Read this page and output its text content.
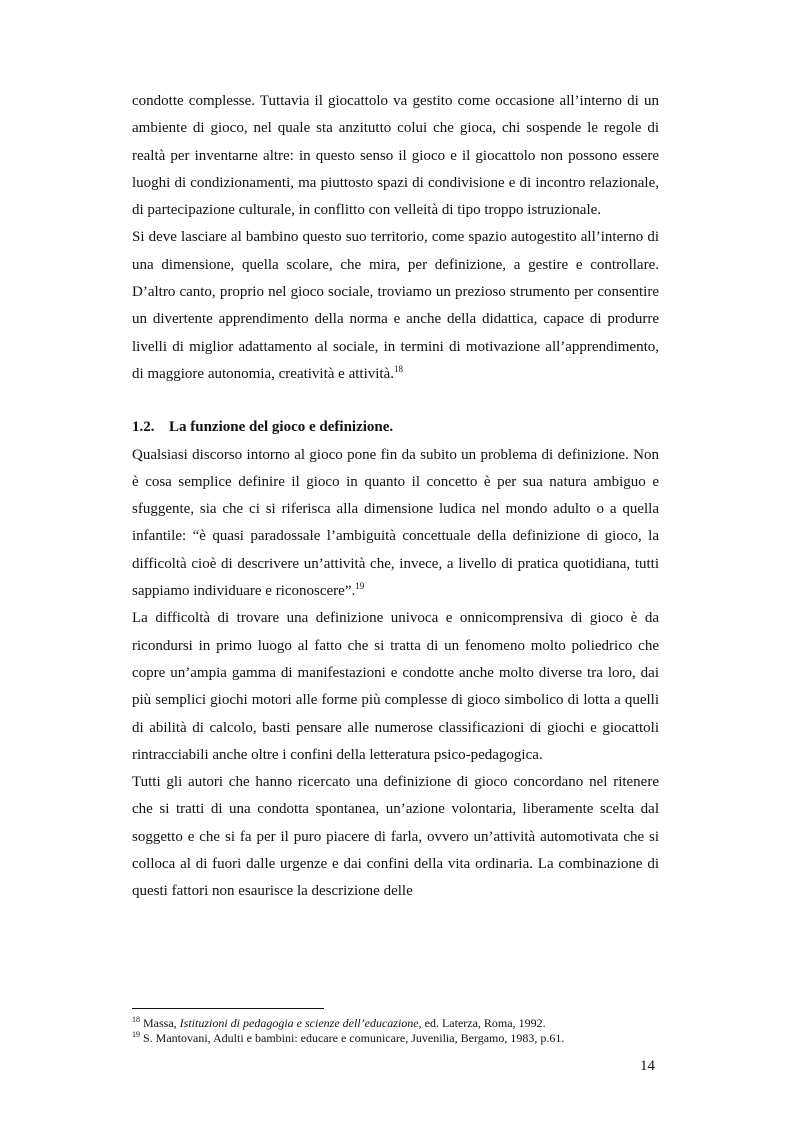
condotte complesse. Tuttavia il giocattolo va gestito come occasione all’interno di un ambiente di gioco, nel quale sta anzitutto colui che gioca, chi sospende le regole di realtà per inventarne altre: in questo senso il gioco e il giocattolo non possono essere luoghi di condizionamenti, ma piuttosto spazi di condivisione e di incontro relazionale, di partecipazione culturale, in conflitto con velleità di tipo troppo istruzionale.

Si deve lasciare al bambino questo suo territorio, come spazio autogestito all’interno di una dimensione, quella scolare, che mira, per definizione, a gestire e controllare. D’altro canto, proprio nel gioco sociale, troviamo un prezioso strumento per consentire un divertente apprendimento della norma e anche della didattica, capace di produrre livelli di miglior adattamento al sociale, in termini di motivazione all’apprendimento, di maggiore autonomia, creatività e attività.$^{18}$

1.2. La funzione del gioco e definizione.

Qualsiasi discorso intorno al gioco pone fin da subito un problema di definizione. Non è cosa semplice definire il gioco in quanto il concetto è per sua natura ambiguo e sfuggente, sia che ci si riferisca alla dimensione ludica nel mondo adulto o a quella infantile: “è quasi paradossale l’ambiguità concettuale della definizione di gioco, la difficoltà cioè di descrivere un’attività che, invece, a livello di pratica quotidiana, tutti sappiamo individuare e riconoscere”.$^{19}$

La difficoltà di trovare una definizione univoca e onnicomprensiva di gioco è da ricondursi in primo luogo al fatto che si tratta di un fenomeno molto poliedrico che copre un’ampia gamma di manifestazioni e condotte anche molto diverse tra loro, dai più semplici giochi motori alle forme più complesse di gioco simbolico di lotta a quelli di abilità di calcolo, basti pensare alle numerose classificazioni di giochi e giocattoli rintracciabili anche oltre i confini della letteratura psico-pedagogica.

Tutti gli autori che hanno ricercato una definizione di gioco concordano nel ritenere che si tratti di una condotta spontanea, un’azione volontaria, liberamente scelta dal soggetto e che si fa per il puro piacere di farla, ovvero un’attività automotivata che si colloca al di fuori dalle urgenze e dai confini della vita ordinaria. La combinazione di questi fattori non esaurisce la descrizione delle

$^{18}$ Massa, Istituzioni di pedagogia e scienze dell’educazione, ed. Laterza, Roma, 1992.

$^{19}$ S. Mantovani, Adulti e bambini: educare e comunicare, Juvenilia, Bergamo, 1983, p.61.

14
